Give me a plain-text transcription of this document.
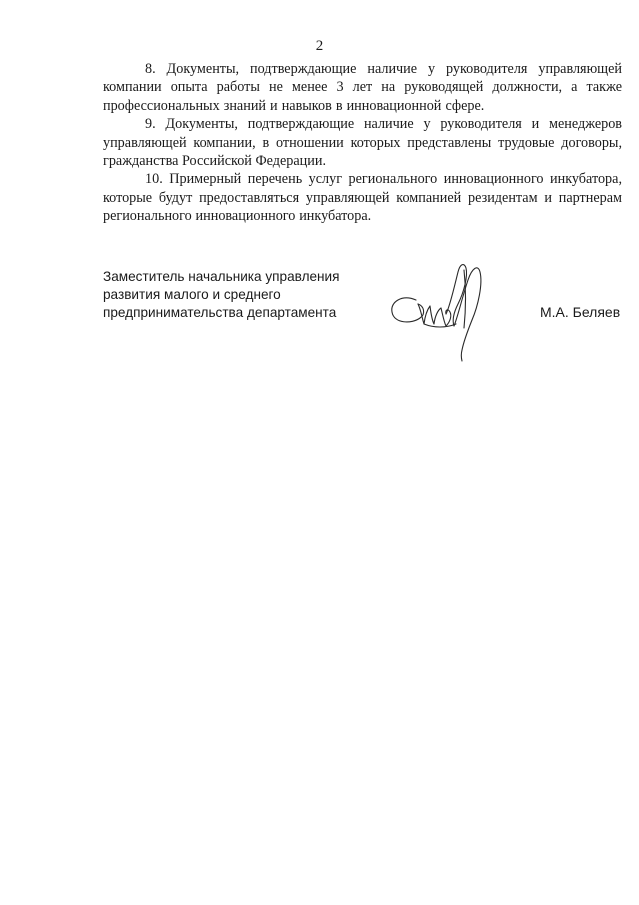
2

8. Документы, подтверждающие наличие у руководителя управляющей компании опыта работы не менее 3 лет на руководящей должности, а также профессиональных знаний и навыков в инновационной сфере.

9. Документы, подтверждающие наличие у руководителя и менеджеров управляющей компании, в отношении которых представлены трудовые договоры, гражданства Российской Федерации.

10. Примерный перечень услуг регионального инновационного инкубатора, которые будут предоставляться управляющей компанией резидентам и партнерам регионального инновационного инкубатора.

Заместитель начальника управления
развития малого и среднего
предпринимательства департамента	М.А. Беляев
